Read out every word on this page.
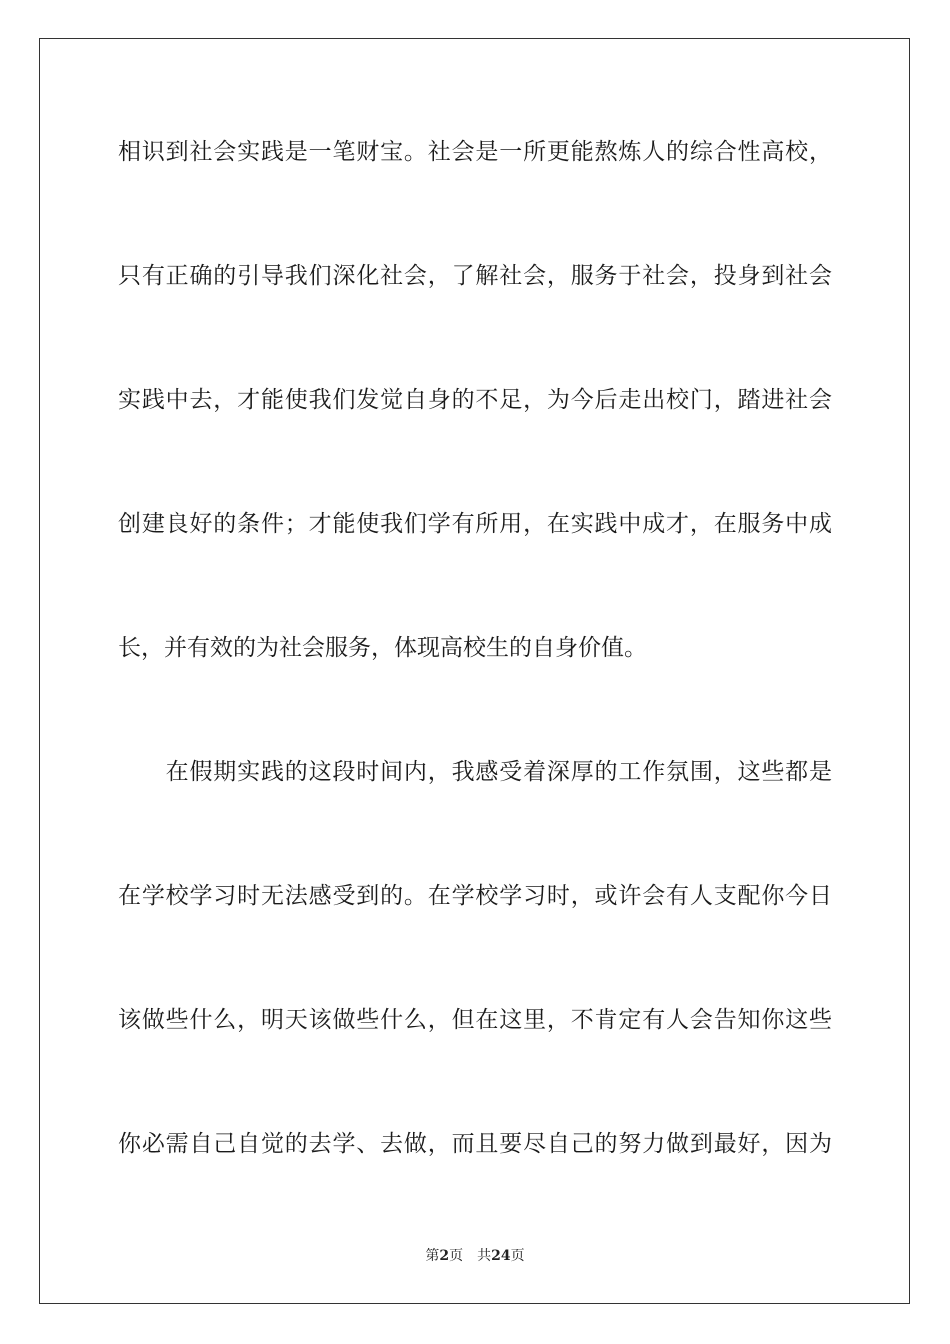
相识到社会实践是一笔财宝。社会是一所更能熬炼人的综合性高校，
只有正确的引导我们深化社会，了解社会，服务于社会，投身到社会
实践中去，才能使我们发觉自身的不足，为今后走出校门，踏进社会
创建良好的条件；才能使我们学有所用，在实践中成才，在服务中成
长，并有效的为社会服务，体现高校生的自身价值。
　　在假期实践的这段时间内，我感受着深厚的工作氛围，这些都是
在学校学习时无法感受到的。在学校学习时，或许会有人支配你今日
该做些什么，明天该做些什么，但在这里，不肯定有人会告知你这些
你必需自己自觉的去学、去做，而且要尽自己的努力做到最好，因为
第2页 共24页
